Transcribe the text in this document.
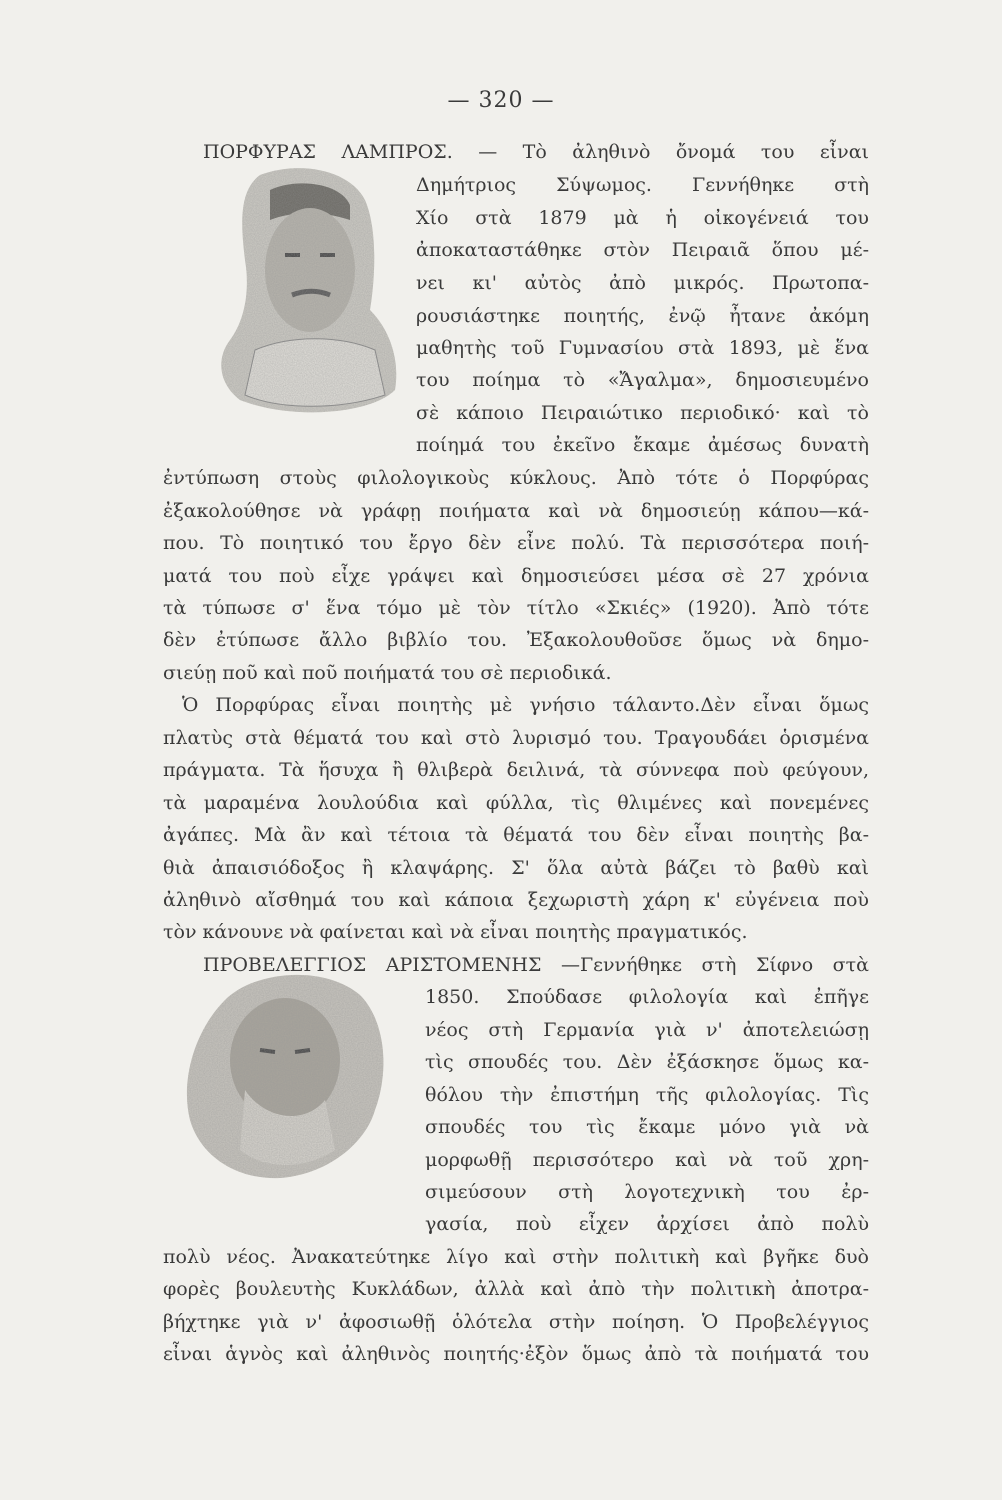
— 320 —
ΠΟΡΦΥΡΑΣ ΛΑΜΠΡΟΣ. — Τὸ ἀληθινὸ ὄνομά του εἶναι
Δημήτριος Σύψωμος. Γεννήθηκε στὴ
Χίο στὰ 1879 μὰ ἡ οἰκογένειά του
ἀποκαταστάθηκε στὸν Πειραιᾶ ὅπου μέ-
νει κι' αὐτὸς ἀπὸ μικρός. Πρωτοπα-
ρουσιάστηκε ποιητής, ἐνῷ ἦτανε ἀκόμη
μαθητὴς τοῦ Γυμνασίου στὰ 1893, μὲ ἕνα
του ποίημα τὸ «Ἄγαλμα», δημοσιευμένο
σὲ κάποιο Πειραιώτικο περιοδικό· καὶ τὸ
ποίημά του ἐκεῖνο ἔκαμε ἀμέσως δυνατὴ
ἐντύπωση στοὺς φιλολογικοὺς κύκλους. Ἀπὸ τότε ὁ Πορφύρας
ἐξακολούθησε νὰ γράφῃ ποιήματα καὶ νὰ δημοσιεύῃ κάπου—κά-
που. Τὸ ποιητικό του ἔργο δὲν εἶνε πολύ. Τὰ περισσότερα ποιή-
ματά του ποὺ εἶχε γράψει καὶ δημοσιεύσει μέσα σὲ 27 χρόνια
τὰ τύπωσε σ' ἕνα τόμο μὲ τὸν τίτλο «Σκιές» (1920). Ἀπὸ τότε
δὲν ἐτύπωσε ἄλλο βιβλίο του. Ἐξακολουθοῦσε ὅμως νὰ δημο-
σιεύῃ ποῦ καὶ ποῦ ποιήματά του σὲ περιοδικά.
Ὁ Πορφύρας εἶναι ποιητὴς μὲ γνήσιο τάλαντο.Δὲν εἶναι ὅμως
πλατὺς στὰ θέματά του καὶ στὸ λυρισμό του. Τραγουδάει ὁρισμένα
πράγματα. Τὰ ἥσυχα ἢ θλιβερὰ δειλινά, τὰ σύννεφα ποὺ φεύγουν,
τὰ μαραμένα λουλούδια καὶ φύλλα, τὶς θλιμένες καὶ πονεμένες
ἀγάπες. Μὰ ἂν καὶ τέτοια τὰ θέματά του δὲν εἶναι ποιητὴς βα-
θιὰ ἀπαισιόδοξος ἢ κλαψάρης. Σ' ὅλα αὐτὰ βάζει τὸ βαθὺ καὶ
ἀληθινὸ αἴσθημά του καὶ κάποια ξεχωριστὴ χάρη κ' εὐγένεια ποὺ
τὸν κάνουνε νὰ φαίνεται καὶ νὰ εἶναι ποιητὴς πραγματικός.
ΠΡΟΒΕΛΕΓΓΙΟΣ ΑΡΙΣΤΟΜΕΝΗΣ —Γεννήθηκε στὴ Σίφνο στὰ
1850. Σπούδασε φιλολογία καὶ ἐπῆγε
νέος στὴ Γερμανία γιὰ ν' ἀποτελειώσῃ
τὶς σπουδές του. Δὲν ἐξάσκησε ὅμως κα-
θόλου τὴν ἐπιστήμη τῆς φιλολογίας. Τὶς
σπουδές του τὶς ἔκαμε μόνο γιὰ νὰ
μορφωθῇ περισσότερο καὶ νὰ τοῦ χρη-
σιμεύσουν στὴ λογοτεχνικὴ του ἐρ-
γασία, ποὺ εἶχεν ἀρχίσει ἀπὸ πολὺ
πολὺ νέος. Ἀνακατεύτηκε λίγο καὶ στὴν πολιτικὴ καὶ βγῆκε δυὸ
φορὲς βουλευτὴς Κυκλάδων, ἀλλὰ καὶ ἀπὸ τὴν πολιτικὴ ἀποτρα-
βήχτηκε γιὰ ν' ἀφοσιωθῇ ὁλότελα στὴν ποίηση. Ὁ Προβελέγγιος
εἶναι ἁγνὸς καὶ ἀληθινὸς ποιητής·ἐξὸν ὅμως ἀπὸ τὰ ποιήματά του
